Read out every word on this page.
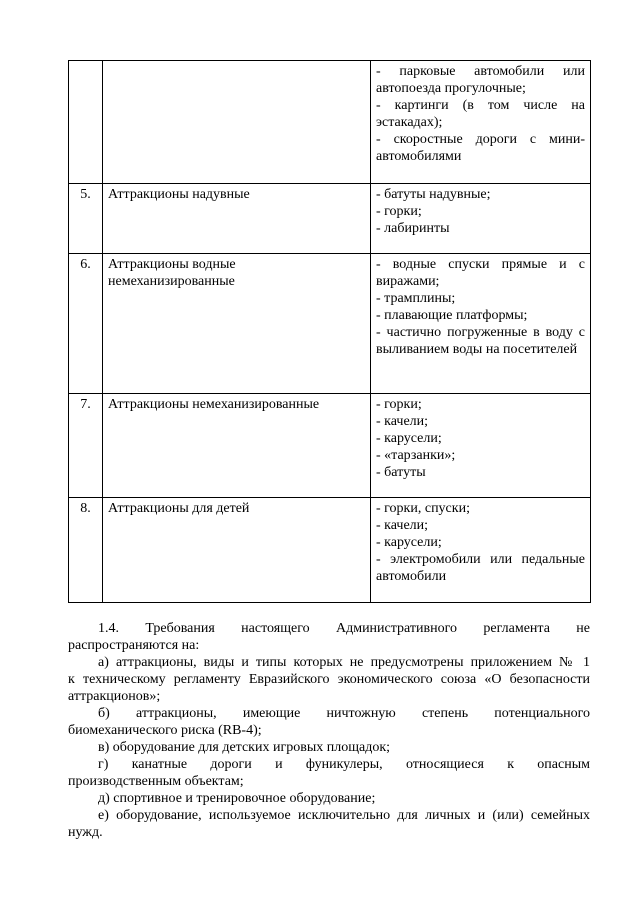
		- парковые автомобили или автопоезда прогулочные;
- картинги (в том числе на эстакадах);
- скоростные дороги с мини-автомобилями

5.	Аттракционы надувные	- батуты надувные;
- горки;
- лабиринты

6.	Аттракционы водные немеханизированные	- водные спуски прямые и с виражами;
- трамплины;
- плавающие платформы;
- частично погруженные в воду с выливанием воды на посетителей

7.	Аттракционы немеханизированные	- горки;
- качели;
- карусели;
- «тарзанки»;
- батуты

8.	Аттракционы для детей	- горки, спуски;
- качели;
- карусели;
- электромобили или педальные автомобили

1.4. Требования настоящего Административного регламента не
распространяются на:

а) аттракционы, виды и типы которых не предусмотрены приложением № 1
к техническому регламенту Евразийского экономического союза «О безопасности
аттракционов»;

б) аттракционы, имеющие ничтожную степень потенциального
биомеханического риска (RB-4);

в) оборудование для детских игровых площадок;

г) канатные дороги и фуникулеры, относящиеся к опасным
производственным объектам;

д) спортивное и тренировочное оборудование;

е) оборудование, используемое исключительно для личных и (или) семейных
нужд.
